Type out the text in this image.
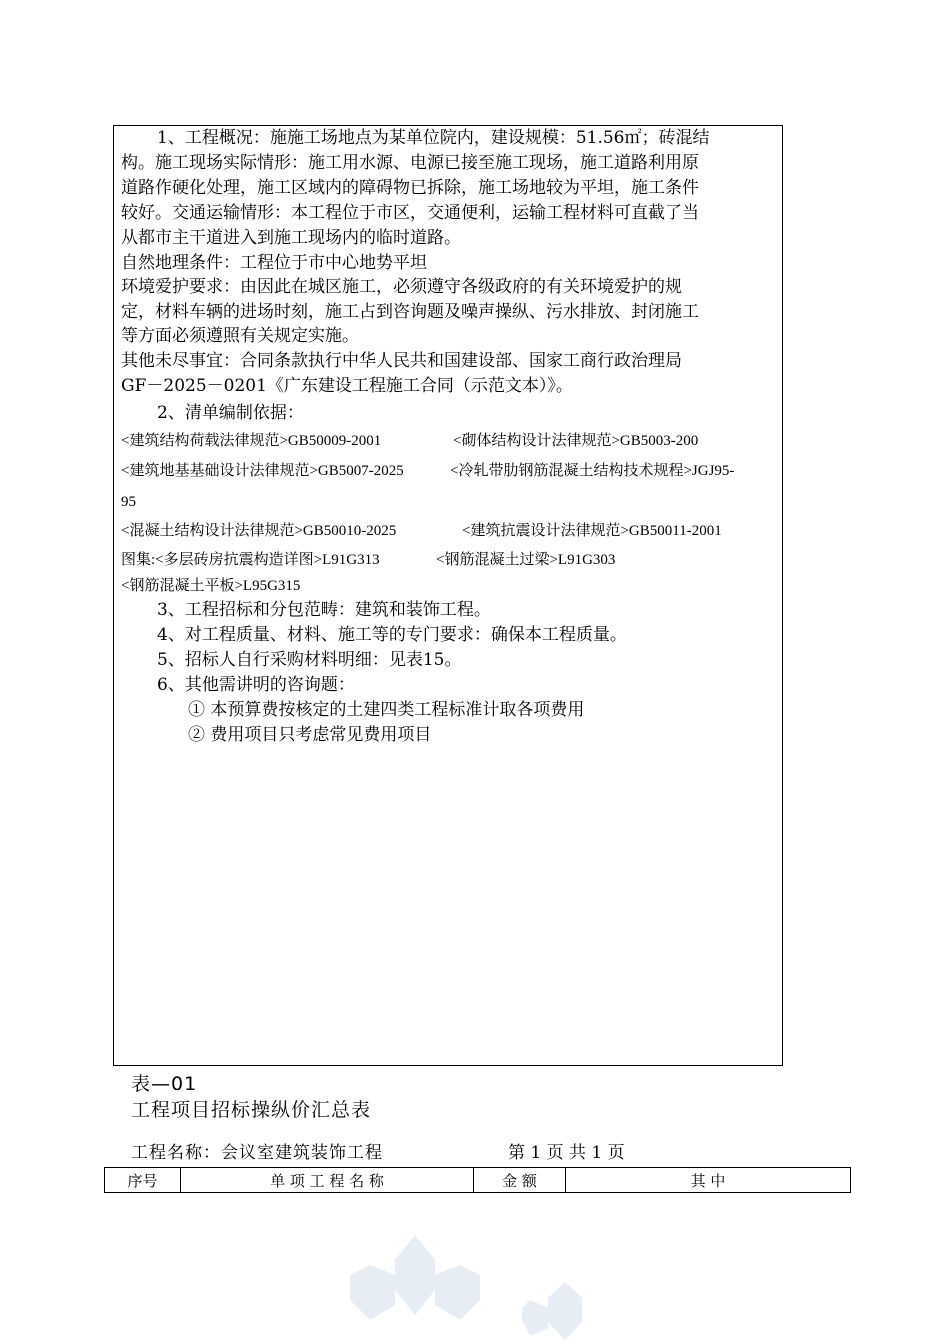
1、工程概况：施施工场地点为某单位院内，建设规模：51.56㎡；砖混结
构。施工现场实际情形：施工用水源、电源已接至施工现场，施工道路利用原
道路作硬化处理，施工区域内的障碍物已拆除，施工场地较为平坦，施工条件
较好。交通运输情形：本工程位于市区，交通便利，运输工程材料可直截了当
从都市主干道进入到施工现场内的临时道路。
自然地理条件：工程位于市中心地势平坦
环境爱护要求：由因此在城区施工，必须遵守各级政府的有关环境爱护的规
定，材料车辆的进场时刻，施工占到咨询题及噪声操纵、污水排放、封闭施工
等方面必须遵照有关规定实施。
其他未尽事宜：合同条款执行中华人民共和国建设部、国家工商行政治理局
GF－2025－0201《广东建设工程施工合同（示范文本）》。
2、清单编制依据：
<建筑结构荷载法律规范>GB50009-2001	<砌体结构设计法律规范>GB5003-200
<建筑地基基础设计法律规范>GB5007-2025	<冷轧带肋钢筋混凝土结构技术规程>JGJ95-
95
<混凝土结构设计法律规范>GB50010-2025	<建筑抗震设计法律规范>GB50011-2001
图集:<多层砖房抗震构造详图>L91G313	<钢筋混凝土过梁>L91G303
<钢筋混凝土平板>L95G315
3、工程招标和分包范畴：建筑和装饰工程。
4、对工程质量、材料、施工等的专门要求：确保本工程质量。
5、招标人自行采购材料明细：见表15。
6、其他需讲明的咨询题：
① 本预算费按核定的土建四类工程标准计取各项费用
② 费用项目只考虑常见费用项目
表—01
工程项目招标操纵价汇总表
工程名称：会议室建筑装饰工程	第 1 页 共 1 页
序号	单 项 工 程 名 称	金 额	其 中
